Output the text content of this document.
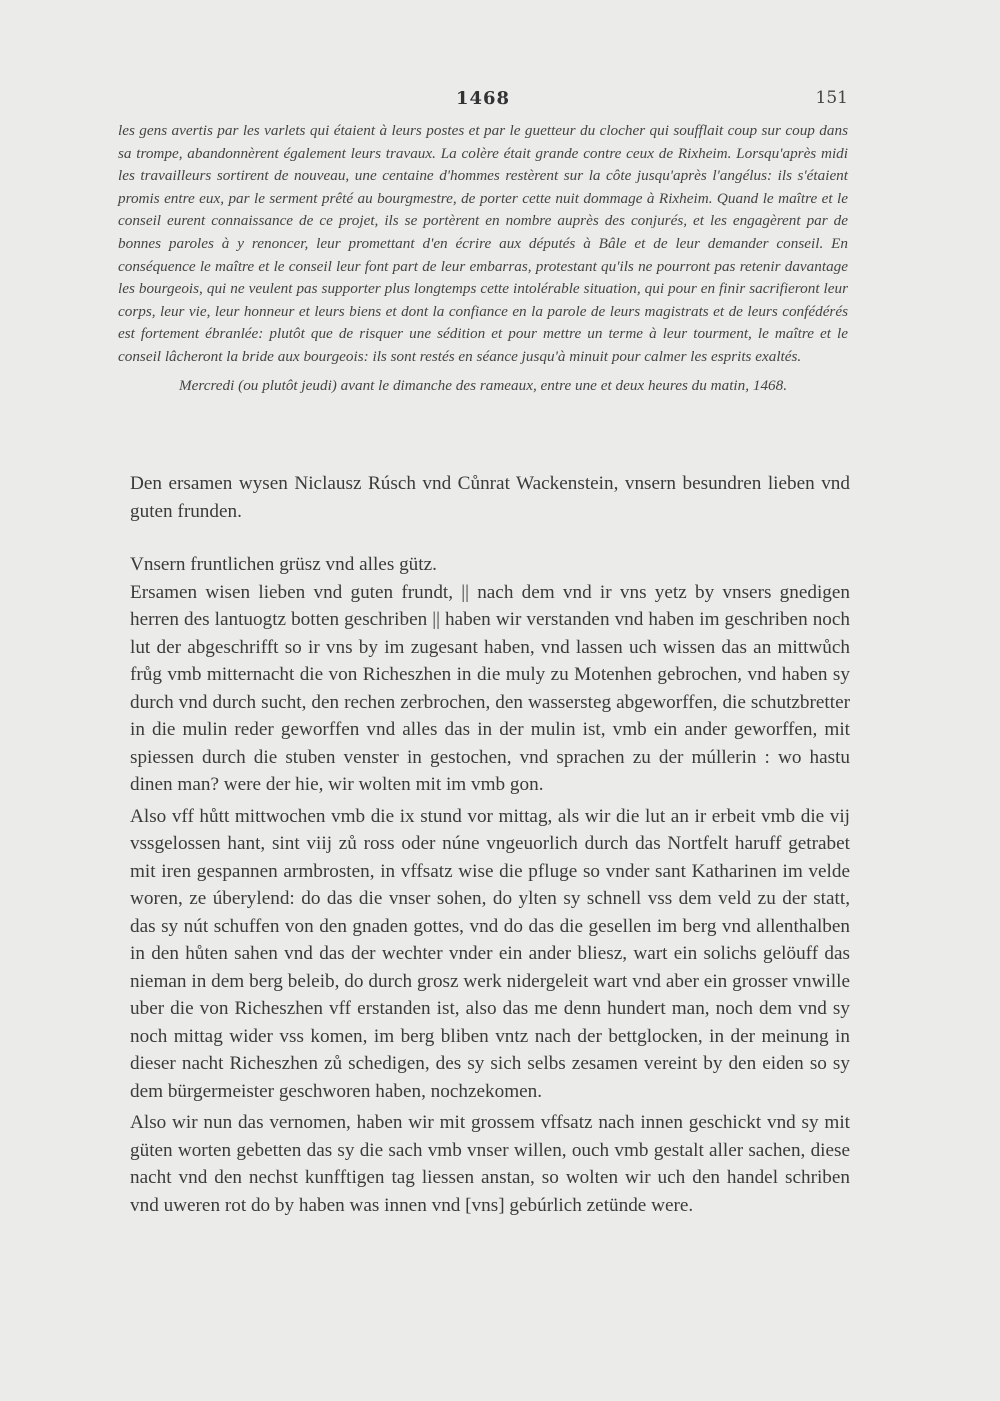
1468	151

les gens avertis par les varlets qui étaient à leurs postes et par le guetteur du clocher qui soufflait coup sur coup dans sa trompe, abandonnèrent également leurs travaux. La colère était grande contre ceux de Rixheim. Lorsqu'après midi les travailleurs sortirent de nouveau, une centaine d'hommes restèrent sur la côte jusqu'après l'angélus: ils s'étaient promis entre eux, par le serment prêté au bourgmestre, de porter cette nuit dommage à Rixheim. Quand le maître et le conseil eurent connaissance de ce projet, ils se portèrent en nombre auprès des conjurés, et les engagèrent par de bonnes paroles à y renoncer, leur promettant d'en écrire aux députés à Bâle et de leur demander conseil. En conséquence le maître et le conseil leur font part de leur embarras, protestant qu'ils ne pourront pas retenir davantage les bourgeois, qui ne veulent pas supporter plus longtemps cette intolérable situation, qui pour en finir sacrifieront leur corps, leur vie, leur honneur et leurs biens et dont la confiance en la parole de leurs magistrats et de leurs confédérés est fortement ébranlée: plutôt que de risquer une sédition et pour mettre un terme à leur tourment, le maître et le conseil lâcheront la bride aux bourgeois: ils sont restés en séance jusqu'à minuit pour calmer les esprits exaltés.

Mercredi (ou plutôt jeudi) avant le dimanche des rameaux, entre une et deux heures du matin, 1468.

Den ersamen wysen Niclausz Rúsch vnd Cůnrat Wackenstein, vnsern besundren lieben vnd guten frunden.

Vnsern fruntlichen grüsz vnd alles gütz.

Ersamen wisen lieben vnd guten frundt, || nach dem vnd ir vns yetz by vnsers gnedigen herren des lantuogtz botten geschriben || haben wir verstanden vnd haben im geschriben noch lut der abgeschrifft so ir vns by im zugesant haben, vnd lassen uch wissen das an mittwůch frůg vmb mitternacht die von Richeszhen in die muly zu Motenhen gebrochen, vnd haben sy durch vnd durch sucht, den rechen zerbrochen, den wassersteg abgeworffen, die schutzbretter in die mulin reder geworffen vnd alles das in der mulin ist, vmb ein ander geworffen, mit spiessen durch die stuben venster in gestochen, vnd sprachen zu der múllerin : wo hastu dinen man? were der hie, wir wolten mit im vmb gon.

Also vff hůtt mittwochen vmb die ix stund vor mittag, als wir die lut an ir erbeit vmb die vij vssgelossen hant, sint viij zů ross oder núne vngeuorlich durch das Nortfelt haruff getrabet mit iren gespannen armbrosten, in vffsatz wise die pfluge so vnder sant Katharinen im velde woren, ze úberylend: do das die vnser sohen, do ylten sy schnell vss dem veld zu der statt, das sy nút schuffen von den gnaden gottes, vnd do das die gesellen im berg vnd allenthalben in den hůten sahen vnd das der wechter vnder ein ander bliesz, wart ein solichs gelöuff das nieman in dem berg beleib, do durch grosz werk nidergeleit wart vnd aber ein grosser vnwille uber die von Richeszhen vff erstanden ist, also das me denn hundert man, noch dem vnd sy noch mittag wider vss komen, im berg bliben vntz nach der bettglocken, in der meinung in dieser nacht Richeszhen zů schedigen, des sy sich selbs zesamen vereint by den eiden so sy dem bürgermeister geschworen haben, nochzekomen.

Also wir nun das vernomen, haben wir mit grossem vffsatz nach innen geschickt vnd sy mit güten worten gebetten das sy die sach vmb vnser willen, ouch vmb gestalt aller sachen, diese nacht vnd den nechst kunfftigen tag liessen anstan, so wolten wir uch den handel schriben vnd uweren rot do by haben was innen vnd [vns] gebúrlich zetünde were.
